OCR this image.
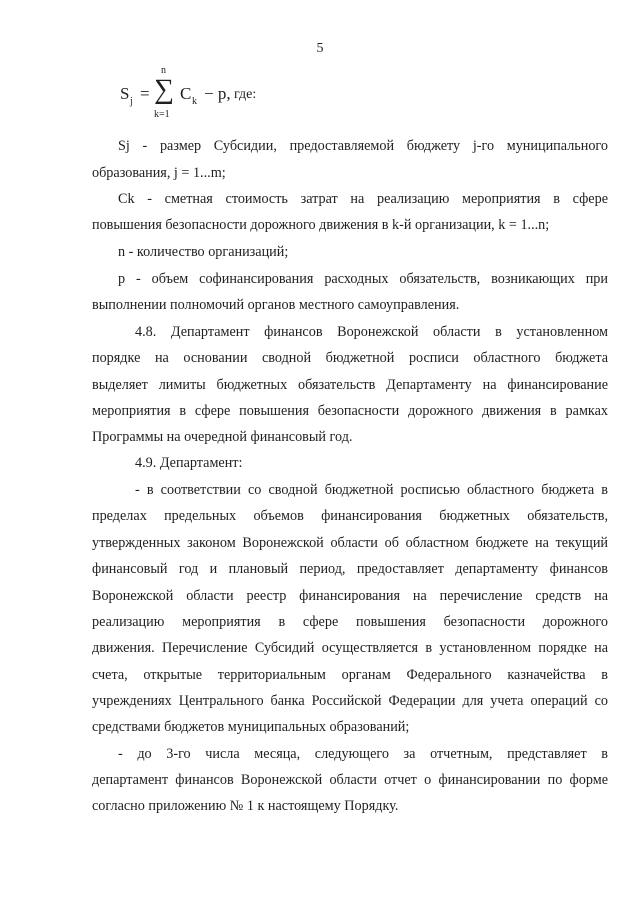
5
S j =
n
∑
k=1
C k − p, где:
Sj - размер Субсидии, предоставляемой бюджету j-го муниципального
образования, j = 1...m;
Ck - сметная стоимость затрат на реализацию мероприятия в сфере
повышения безопасности дорожного движения в k-й организации, k = 1...n;
n - количество организаций;
p - объем софинансирования расходных обязательств, возникающих при
выполнении полномочий органов местного самоуправления.
4.8. Департамент финансов Воронежской области в установленном
порядке на основании сводной бюджетной росписи областного бюджета
выделяет лимиты бюджетных обязательств Департаменту на финансирование
мероприятия в сфере повышения безопасности дорожного движения в рамках
Программы на очередной финансовый год.
4.9. Департамент:
- в соответствии со сводной бюджетной росписью областного бюджета в
пределах предельных объемов финансирования бюджетных обязательств,
утвержденных законом Воронежской области об областном бюджете на текущий
финансовый год и плановый период, предоставляет департаменту финансов
Воронежской области реестр финансирования на перечисление средств на
реализацию мероприятия в сфере повышения безопасности дорожного
движения. Перечисление Субсидий осуществляется в установленном порядке на
счета, открытые территориальным органам Федерального казначейства в
учреждениях Центрального банка Российской Федерации для учета операций со
средствами бюджетов муниципальных образований;
- до 3-го числа месяца, следующего за отчетным, представляет в
департамент финансов Воронежской области отчет о финансировании по форме
согласно приложению № 1 к настоящему Порядку.
